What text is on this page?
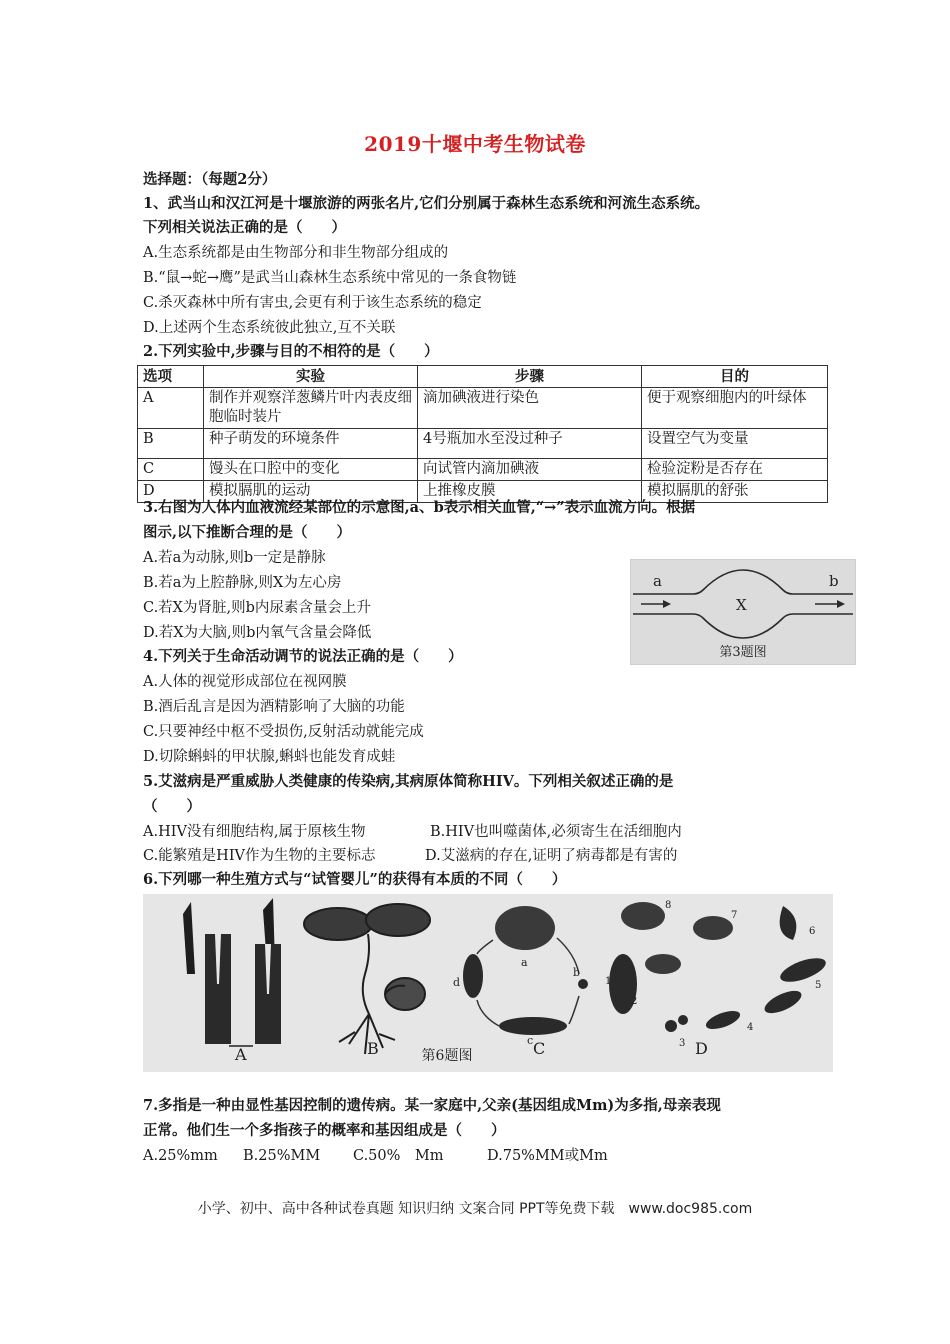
2019十堰中考生物试卷
选择题：（每题2分）
1、武当山和汉江河是十堰旅游的两张名片,它们分别属于森林生态系统和河流生态系统。
下列相关说法正确的是（　　）
A.生态系统都是由生物部分和非生物部分组成的
B.“鼠→蛇→鹰”是武当山森林生态系统中常见的一条食物链
C.杀灭森林中所有害虫,会更有利于该生态系统的稳定
D.上述两个生态系统彼此独立,互不关联
2.下列实验中,步骤与目的不相符的是（　　）
选项	实验	步骤	目的
A	制作并观察洋葱鳞片叶内表皮细胞临时装片	滴加碘液进行染色	便于观察细胞内的叶绿体
B	种子萌发的环境条件	4号瓶加水至没过种子	设置空气为变量
C	馒头在口腔中的变化	向试管内滴加碘液	检验淀粉是否存在
D	模拟膈肌的运动	上推橡皮膜	模拟膈肌的舒张
3.右图为人体内血液流经某部位的示意图,a、b表示相关血管,“→”表示血流方向。根据
图示,以下推断合理的是（　　）
A.若a为动脉,则b一定是静脉
B.若a为上腔静脉,则X为左心房
C.若X为肾脏,则b内尿素含量会上升
D.若X为大脑,则b内氧气含量会降低
a	b
X
第3题图
4.下列关于生命活动调节的说法正确的是（　　）
A.人体的视觉形成部位在视网膜
B.酒后乱言是因为酒精影响了大脑的功能
C.只要神经中枢不受损伤,反射活动就能完成
D.切除蝌蚪的甲状腺,蝌蚪也能发育成蛙
5.艾滋病是严重威胁人类健康的传染病,其病原体简称HIV。下列相关叙述正确的是
（　　）
A.HIV没有细胞结构,属于原核生物	B.HIV也叫噬菌体,必须寄生在活细胞内
C.能繁殖是HIV作为生物的主要标志	D.艾滋病的存在,证明了病毒都是有害的
6.下列哪一种生殖方式与“试管婴儿”的获得有本质的不同（　　）
A	B	C	D
第6题图
a
b
c
d	1
2
3
4
5
6
7
8
7.多指是一种由显性基因控制的遗传病。某一家庭中,父亲(基因组成Mm)为多指,母亲表现
正常。他们生一个多指孩子的概率和基因组成是（　　）
A.25%mm B.25%MM C.50%　Mm	D.75%MM或Mm
小学、初中、高中各种试卷真题 知识归纳 文案合同 PPT等免费下载　www.doc985.com
